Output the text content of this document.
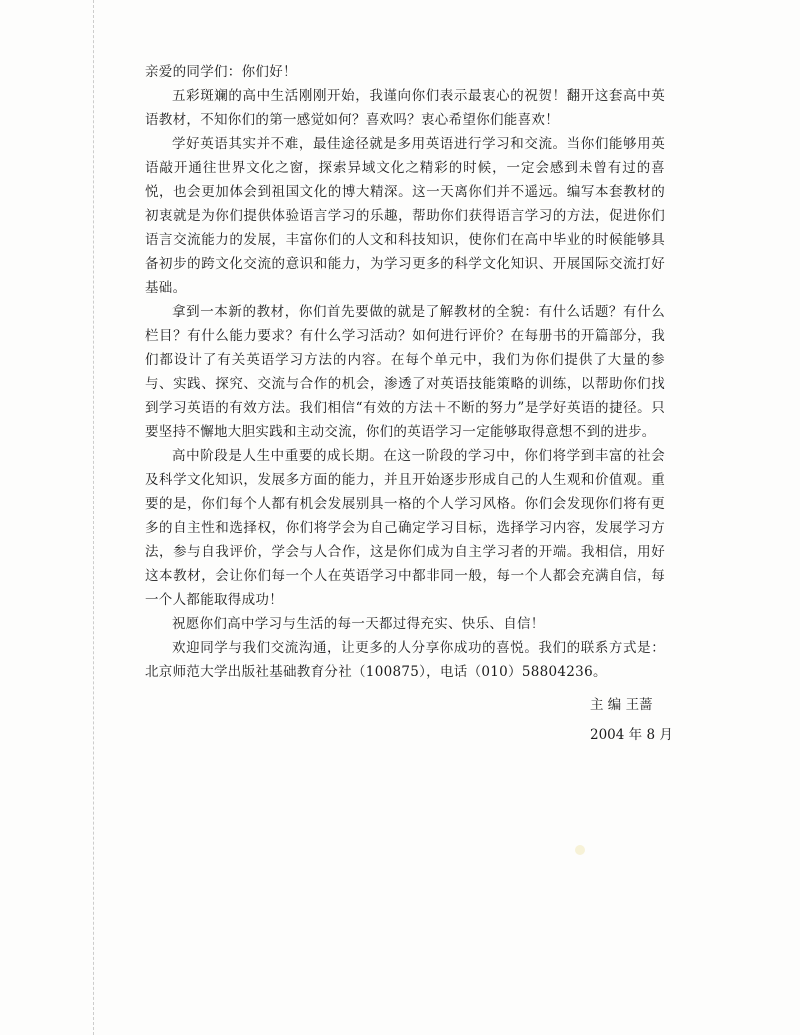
亲爱的同学们：你们好！

五彩斑斓的高中生活刚刚开始，我谨向你们表示最衷心的祝贺！翻开这套高中英语教材，不知你们的第一感觉如何？喜欢吗？衷心希望你们能喜欢！

学好英语其实并不难，最佳途径就是多用英语进行学习和交流。当你们能够用英语敲开通往世界文化之窗，探索异域文化之精彩的时候，一定会感到未曾有过的喜悦，也会更加体会到祖国文化的博大精深。这一天离你们并不遥远。编写本套教材的初衷就是为你们提供体验语言学习的乐趣，帮助你们获得语言学习的方法，促进你们语言交流能力的发展，丰富你们的人文和科技知识，使你们在高中毕业的时候能够具备初步的跨文化交流的意识和能力，为学习更多的科学文化知识、开展国际交流打好基础。

拿到一本新的教材，你们首先要做的就是了解教材的全貌：有什么话题？有什么栏目？有什么能力要求？有什么学习活动？如何进行评价？在每册书的开篇部分，我们都设计了有关英语学习方法的内容。在每个单元中，我们为你们提供了大量的参与、实践、探究、交流与合作的机会，渗透了对英语技能策略的训练，以帮助你们找到学习英语的有效方法。我们相信“有效的方法＋不断的努力”是学好英语的捷径。只要坚持不懈地大胆实践和主动交流，你们的英语学习一定能够取得意想不到的进步。

高中阶段是人生中重要的成长期。在这一阶段的学习中，你们将学到丰富的社会及科学文化知识，发展多方面的能力，并且开始逐步形成自己的人生观和价值观。重要的是，你们每个人都有机会发展别具一格的个人学习风格。你们会发现你们将有更多的自主性和选择权，你们将学会为自己确定学习目标，选择学习内容，发展学习方法，参与自我评价，学会与人合作，这是你们成为自主学习者的开端。我相信，用好这本教材，会让你们每一个人在英语学习中都非同一般，每一个人都会充满自信，每一个人都能取得成功！

祝愿你们高中学习与生活的每一天都过得充实、快乐、自信！

欢迎同学与我们交流沟通，让更多的人分享你成功的喜悦。我们的联系方式是：北京师范大学出版社基础教育分社（100875），电话（010）58804236。

主 编 王蔷
2004 年 8 月
